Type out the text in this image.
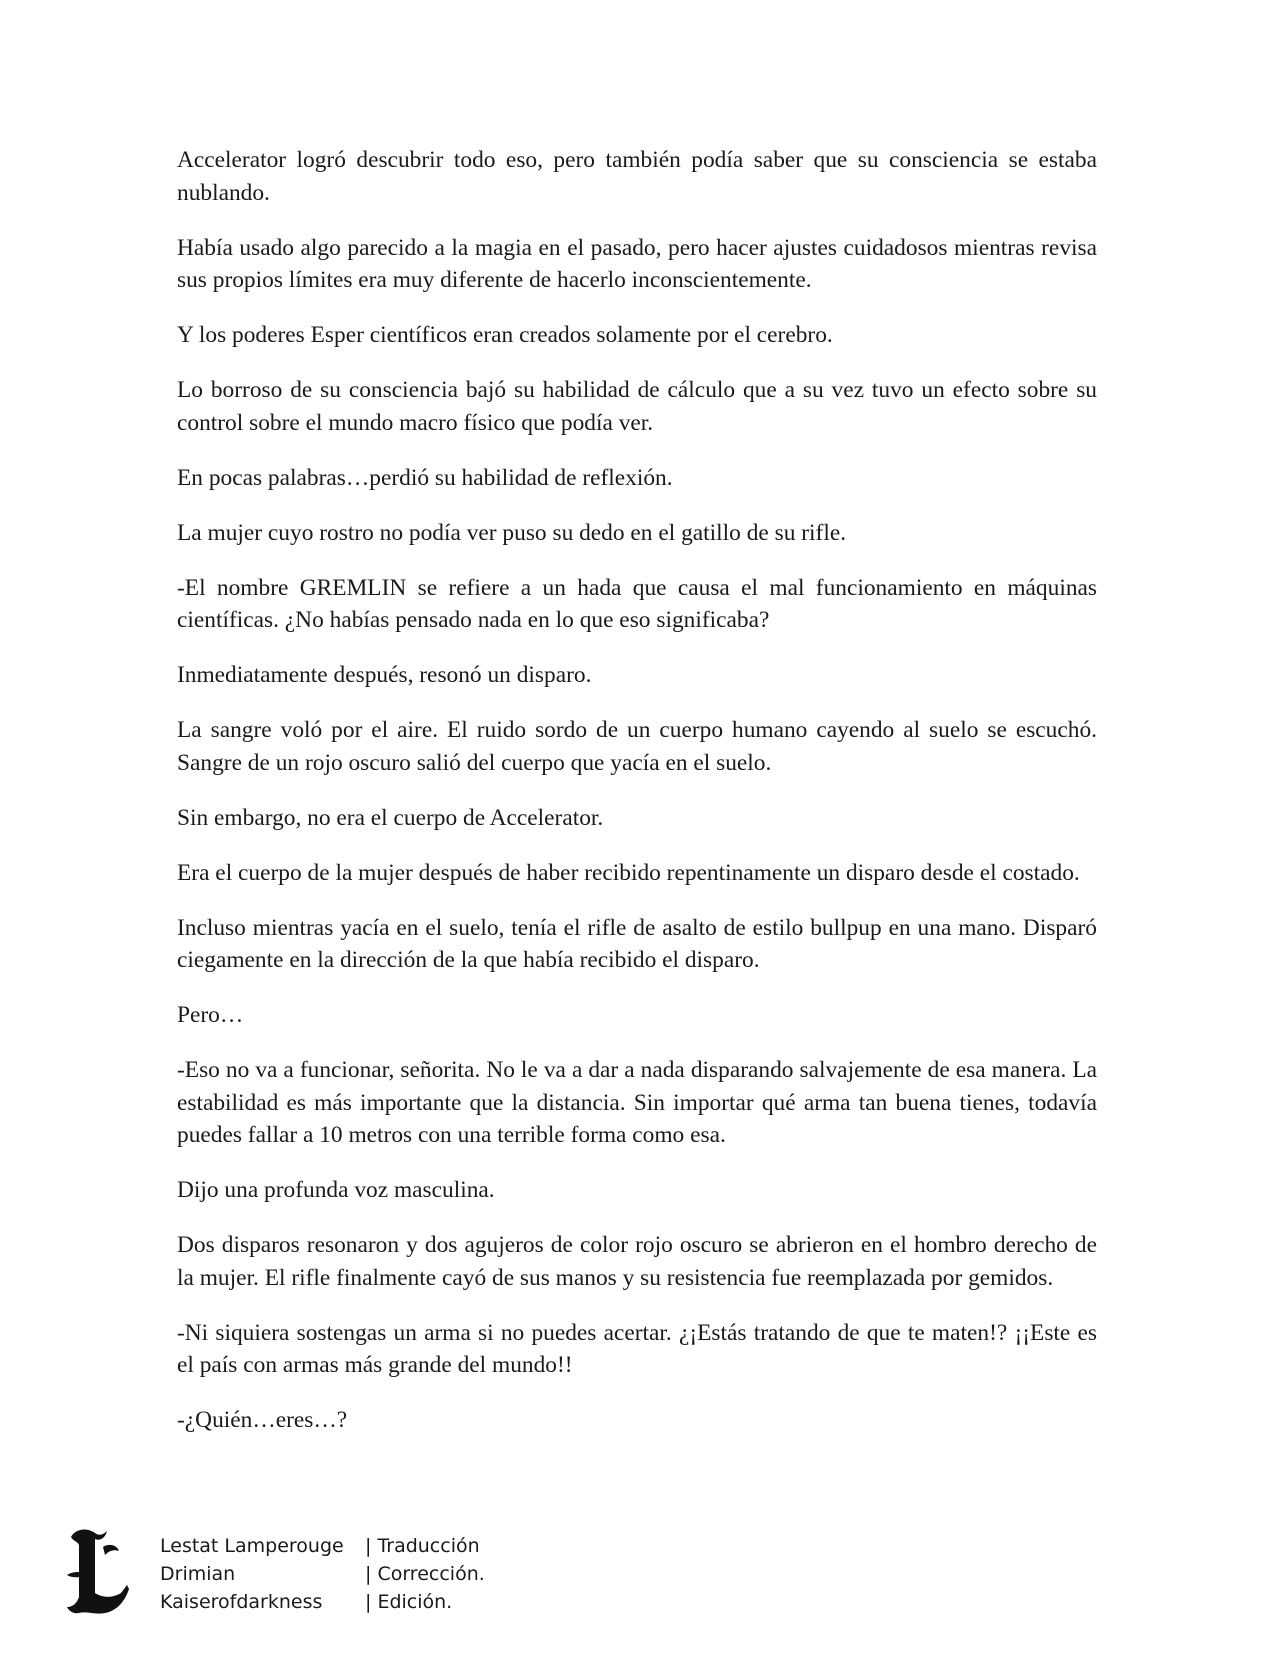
Accelerator logró descubrir todo eso, pero también podía saber que su consciencia se estaba nublando.

Había usado algo parecido a la magia en el pasado, pero hacer ajustes cuidadosos mientras revisa sus propios límites era muy diferente de hacerlo inconscientemente.

Y los poderes Esper científicos eran creados solamente por el cerebro.

Lo borroso de su consciencia bajó su habilidad de cálculo que a su vez tuvo un efecto sobre su control sobre el mundo macro físico que podía ver.

En pocas palabras…perdió su habilidad de reflexión.

La mujer cuyo rostro no podía ver puso su dedo en el gatillo de su rifle.

-El nombre GREMLIN se refiere a un hada que causa el mal funcionamiento en máquinas científicas. ¿No habías pensado nada en lo que eso significaba?

Inmediatamente después, resonó un disparo.

La sangre voló por el aire. El ruido sordo de un cuerpo humano cayendo al suelo se escuchó. Sangre de un rojo oscuro salió del cuerpo que yacía en el suelo.

Sin embargo, no era el cuerpo de Accelerator.

Era el cuerpo de la mujer después de haber recibido repentinamente un disparo desde el costado.

Incluso mientras yacía en el suelo, tenía el rifle de asalto de estilo bullpup en una mano. Disparó ciegamente en la dirección de la que había recibido el disparo.

Pero…

-Eso no va a funcionar, señorita. No le va a dar a nada disparando salvajemente de esa manera. La estabilidad es más importante que la distancia. Sin importar qué arma tan buena tienes, todavía puedes fallar a 10 metros con una terrible forma como esa.

Dijo una profunda voz masculina.

Dos disparos resonaron y dos agujeros de color rojo oscuro se abrieron en el hombro derecho de la mujer. El rifle finalmente cayó de sus manos y su resistencia fue reemplazada por gemidos.

-Ni siquiera sostengas un arma si no puedes acertar. ¿¡Estás tratando de que te maten!? ¡¡Este es el país con armas más grande del mundo!!

-¿Quién…eres…?

Lestat Lamperouge	| Traducción
Drimian	| Corrección.
Kaiserofdarkness	| Edición.
